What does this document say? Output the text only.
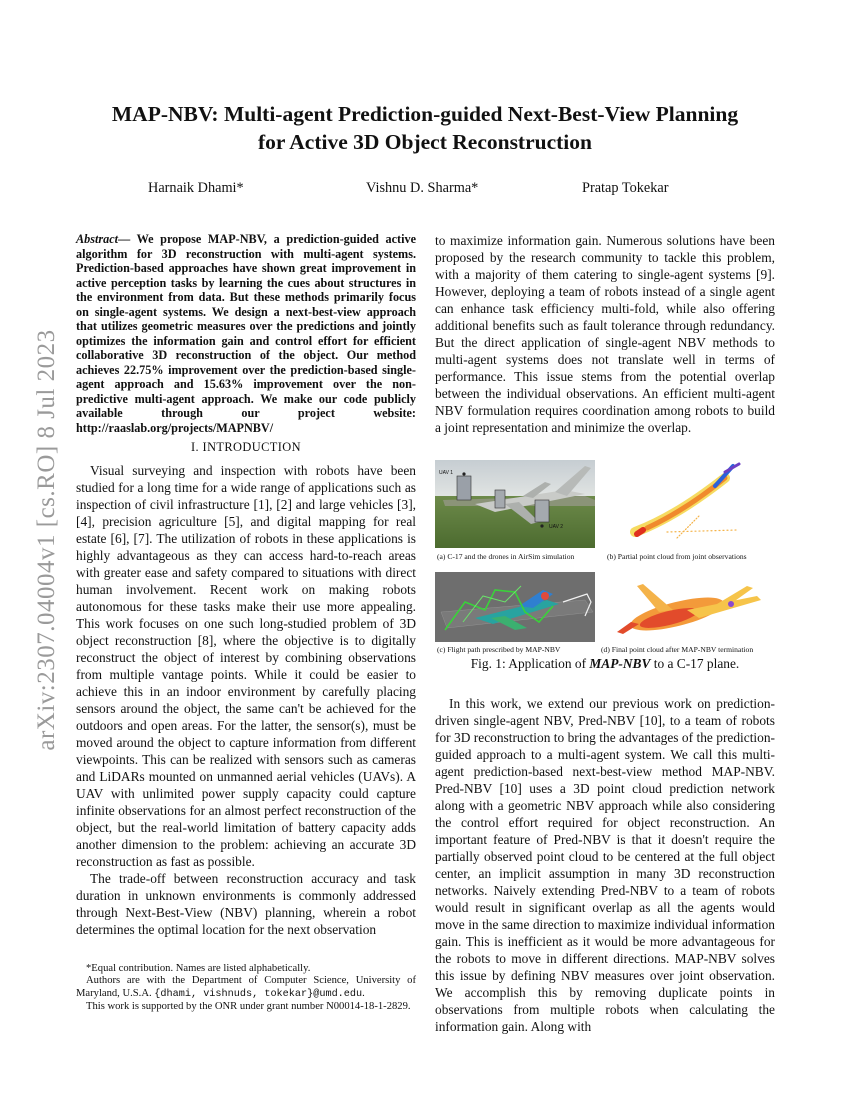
arXiv:2307.04004v1 [cs.RO] 8 Jul 2023
MAP-NBV: Multi-agent Prediction-guided Next-Best-View Planning
for Active 3D Object Reconstruction
Harnaik Dhami*	Vishnu D. Sharma*	Pratap Tokekar
Abstract— We propose MAP-NBV, a prediction-guided active algorithm for 3D reconstruction with multi-agent systems. Prediction-based approaches have shown great improvement in active perception tasks by learning the cues about structures in the environment from data. But these methods primarily focus on single-agent systems. We design a next-best-view approach that utilizes geometric measures over the predictions and jointly optimizes the information gain and control effort for efficient collaborative 3D reconstruction of the object. Our method achieves 22.75% improvement over the prediction-based single-agent approach and 15.63% improvement over the non-predictive multi-agent approach. We make our code publicly available through our project website: http://raaslab.org/projects/MAPNBV/
I. INTRODUCTION

Visual surveying and inspection with robots have been studied for a long time for a wide range of applications such as inspection of civil infrastructure [1], [2] and large vehicles [3], [4], precision agriculture [5], and digital mapping for real estate [6], [7]. The utilization of robots in these applications is highly advantageous as they can access hard-to-reach areas with greater ease and safety compared to situations with direct human involvement. Recent work on making robots autonomous for these tasks make their use more appealing. This work focuses on one such long-studied problem of 3D object reconstruction [8], where the objective is to digitally reconstruct the object of interest by combining observations from multiple vantage points. While it could be easier to achieve this in an indoor environment by carefully placing sensors around the object, the same can't be achieved for the outdoors and open areas. For the latter, the sensor(s), must be moved around the object to capture information from different viewpoints. This can be realized with sensors such as cameras and LiDARs mounted on unmanned aerial vehicles (UAVs). A UAV with unlimited power supply capacity could capture infinite observations for an almost perfect reconstruction of the object, but the real-world limitation of battery capacity adds another dimension to the problem: achieving an accurate 3D reconstruction as fast as possible.

The trade-off between reconstruction accuracy and task duration in unknown environments is commonly addressed through Next-Best-View (NBV) planning, wherein a robot determines the optimal location for the next observation

*Equal contribution. Names are listed alphabetically.

Authors are with the Department of Computer Science, University of Maryland, U.S.A. {dhami, vishnuds, tokekar}@umd.edu.

This work is supported by the ONR under grant number N00014-18-1-2829.

to maximize information gain. Numerous solutions have been proposed by the research community to tackle this problem, with a majority of them catering to single-agent systems [9]. However, deploying a team of robots instead of a single agent can enhance task efficiency multi-fold, while also offering additional benefits such as fault tolerance through redundancy. But the direct application of single-agent NBV methods to multi-agent systems does not translate well in terms of performance. This issue stems from the potential overlap between the individual observations. An efficient multi-agent NBV formulation requires coordination among robots to build a joint representation and minimize the overlap.

UAV 1
UAV 2
(a) C-17 and the drones in AirSim simulation	(b) Partial point cloud from joint observations
(c) Flight path prescribed by MAP-NBV	(d) Final point cloud after MAP-NBV termination
Fig. 1: Application of MAP-NBV to a C-17 plane.

In this work, we extend our previous work on prediction-driven single-agent NBV, Pred-NBV [10], to a team of robots for 3D reconstruction to bring the advantages of the prediction-guided approach to a multi-agent system. We call this multi-agent prediction-based next-best-view method MAP-NBV. Pred-NBV [10] uses a 3D point cloud prediction network along with a geometric NBV approach while also considering the control effort required for object reconstruction. An important feature of Pred-NBV is that it doesn't require the partially observed point cloud to be centered at the full object center, an implicit assumption in many 3D reconstruction networks. Naively extending Pred-NBV to a team of robots would result in significant overlap as all the agents would move in the same direction to maximize individual information gain. This is inefficient as it would be more advantageous for the robots to move in different directions. MAP-NBV solves this issue by defining NBV measures over joint observation. We accomplish this by removing duplicate points in observations from multiple robots when calculating the information gain. Along with
